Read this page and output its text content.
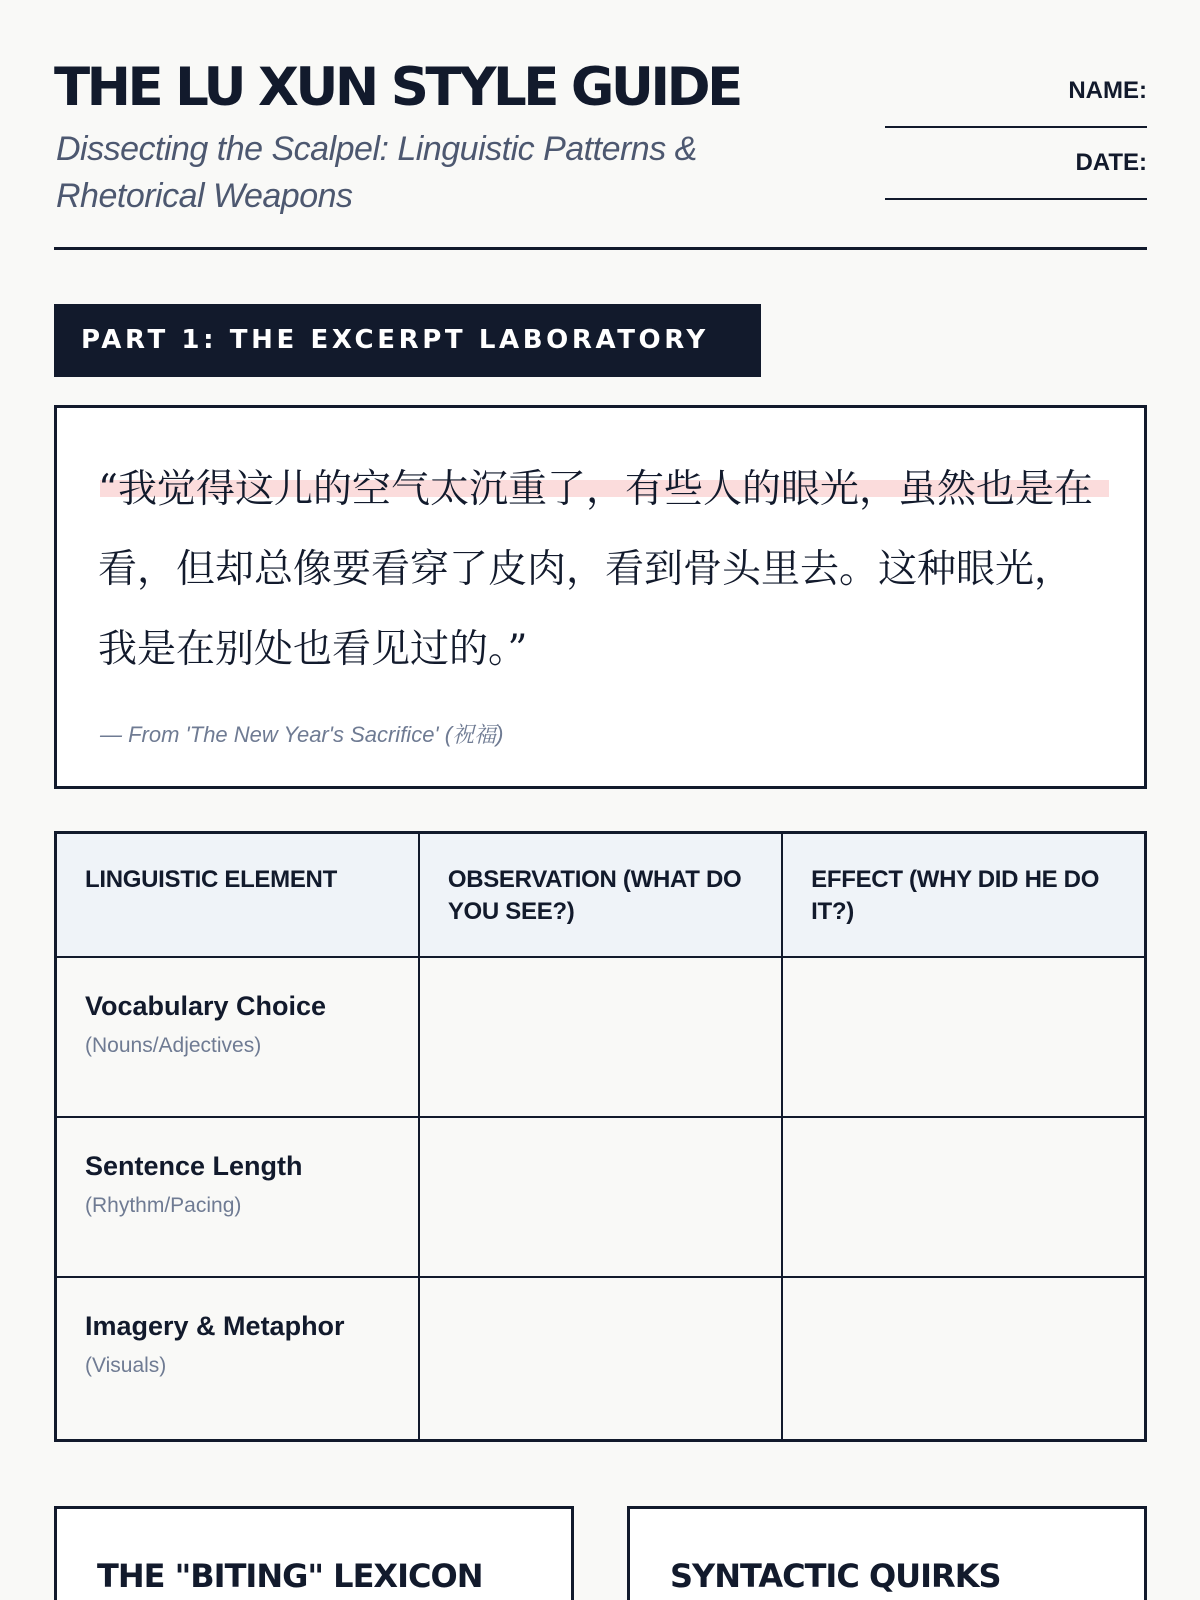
THE LU XUN STYLE GUIDE
Dissecting the Scalpel: Linguistic Patterns & Rhetorical Weapons
NAME:
DATE:
PART 1: THE EXCERPT LABORATORY
“我觉得这儿的空气太沉重了，有些人的眼光，虽然也是在看，但却总像要看穿了皮肉，看到骨头里去。这种眼光，我是在别处也看见过的。”
— From 'The New Year's Sacrifice' (祝福)
LINGUISTIC ELEMENT	OBSERVATION (WHAT DO YOU SEE?)	EFFECT (WHY DID HE DO IT?)

Vocabulary Choice
(Nouns/Adjectives)		

Sentence Length
(Rhythm/Pacing)		

Imagery & Metaphor
(Visuals)		

THE "BITING" LEXICON	SYNTACTIC QUIRKS
